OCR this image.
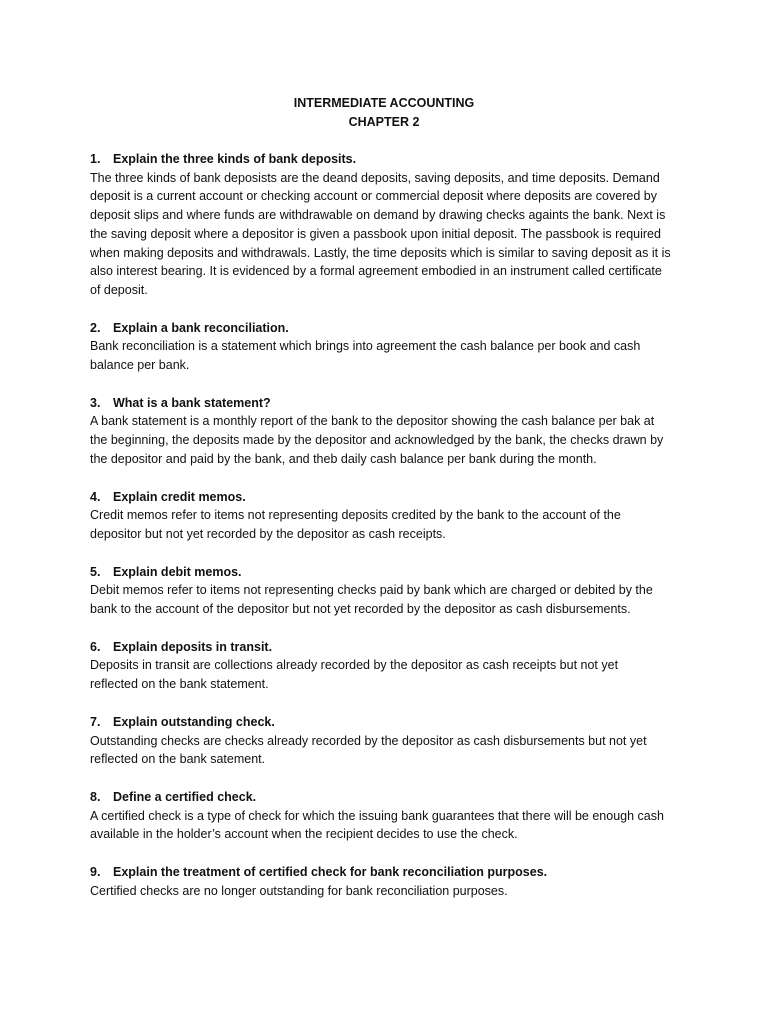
INTERMEDIATE ACCOUNTING
CHAPTER 2
1.	Explain the three kinds of bank deposits.

The three kinds of bank deposists are the deand deposits, saving deposits, and time deposits. Demand
deposit is a current account or checking account or commercial deposit where deposits are covered by
deposit slips and where funds are withdrawable on demand by drawing checks againts the bank. Next is
the saving deposit where a depositor is given a passbook upon initial deposit. The passbook is required
when making deposits and withdrawals. Lastly, the time deposits which is similar to saving deposit as it is
also interest bearing. It is evidenced by a formal agreement embodied in an instrument called certificate
of deposit.

2.	Explain a bank reconciliation.

Bank reconciliation is a statement which brings into agreement the cash balance per book and cash
balance per bank.

3.	What is a bank statement?

A bank statement is a monthly report of the bank to the depositor showing the cash balance per bak at
the beginning, the deposits made by the depositor and acknowledged by the bank, the checks drawn by
the depositor and paid by the bank, and theb daily cash balance per bank during the month.

4.	Explain credit memos.

Credit memos refer to items not representing deposits credited by the bank to the account of the
depositor but not yet recorded by the depositor as cash receipts.

5.	Explain debit memos.

Debit memos refer to items not representing checks paid by bank which are charged or debited by the
bank to the account of the depositor but not yet recorded by the depositor as cash disbursements.

6.	Explain deposits in transit.

Deposits in transit are collections already recorded by the depositor as cash receipts but not yet
reflected on the bank statement.

7.	Explain outstanding check.

Outstanding checks are checks already recorded by the depositor as cash disbursements but not yet
reflected on the bank satement.

8.	Define a certified check.

A certified check is a type of check for which the issuing bank guarantees that there will be enough cash
available in the holder’s account when the recipient decides to use the check.

9.	Explain the treatment of certified check for bank reconciliation purposes.

Certified checks are no longer outstanding for bank reconciliation purposes.
